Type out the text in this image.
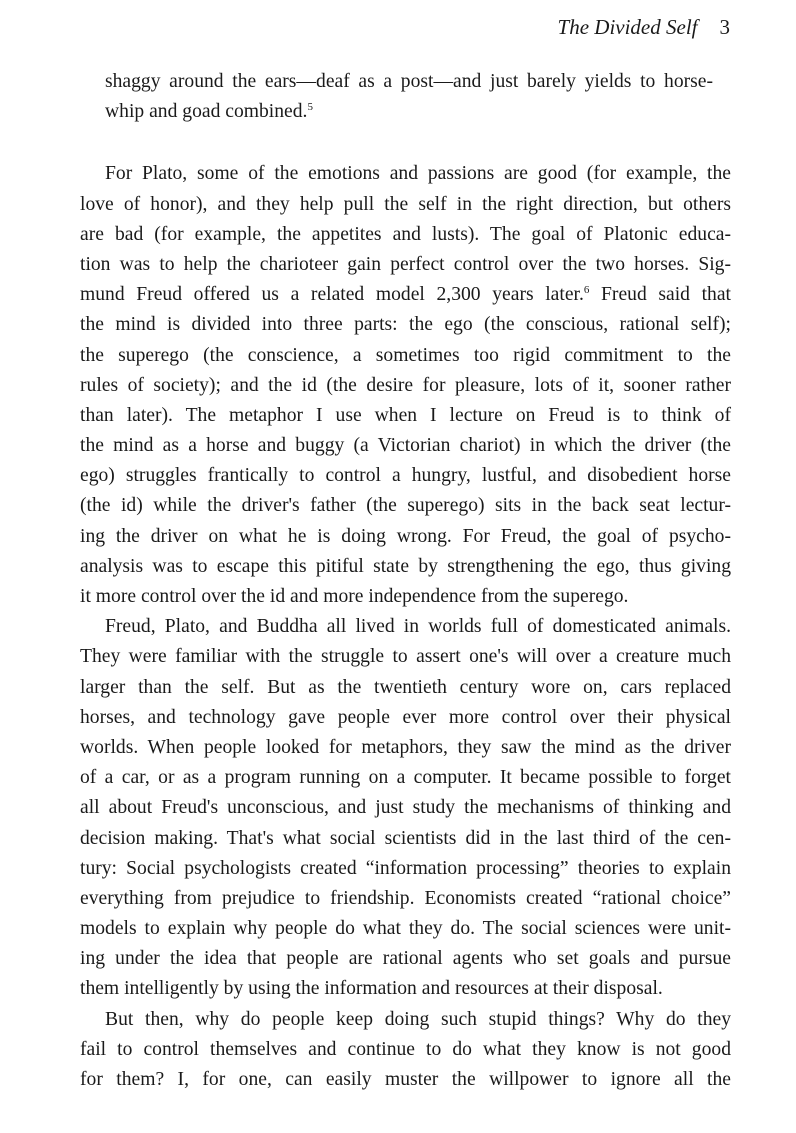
The Divided Self 3
shaggy around the ears—deaf as a post—and just barely yields to horse-
whip and goad combined.$^5$
For Plato, some of the emotions and passions are good (for example, the
love of honor), and they help pull the self in the right direction, but others
are bad (for example, the appetites and lusts). The goal of Platonic educa-
tion was to help the charioteer gain perfect control over the two horses. Sig-
mund Freud offered us a related model 2,300 years later.$^6$ Freud said that
the mind is divided into three parts: the ego (the conscious, rational self);
the superego (the conscience, a sometimes too rigid commitment to the
rules of society); and the id (the desire for pleasure, lots of it, sooner rather
than later). The metaphor I use when I lecture on Freud is to think of
the mind as a horse and buggy (a Victorian chariot) in which the driver (the
ego) struggles frantically to control a hungry, lustful, and disobedient horse
(the id) while the driver's father (the superego) sits in the back seat lectur-
ing the driver on what he is doing wrong. For Freud, the goal of psycho-
analysis was to escape this pitiful state by strengthening the ego, thus giving
it more control over the id and more independence from the superego.
Freud, Plato, and Buddha all lived in worlds full of domesticated animals.
They were familiar with the struggle to assert one's will over a creature much
larger than the self. But as the twentieth century wore on, cars replaced
horses, and technology gave people ever more control over their physical
worlds. When people looked for metaphors, they saw the mind as the driver
of a car, or as a program running on a computer. It became possible to forget
all about Freud's unconscious, and just study the mechanisms of thinking and
decision making. That's what social scientists did in the last third of the cen-
tury: Social psychologists created “information processing” theories to explain
everything from prejudice to friendship. Economists created “rational choice”
models to explain why people do what they do. The social sciences were unit-
ing under the idea that people are rational agents who set goals and pursue
them intelligently by using the information and resources at their disposal.
But then, why do people keep doing such stupid things? Why do they
fail to control themselves and continue to do what they know is not good
for them? I, for one, can easily muster the willpower to ignore all the
